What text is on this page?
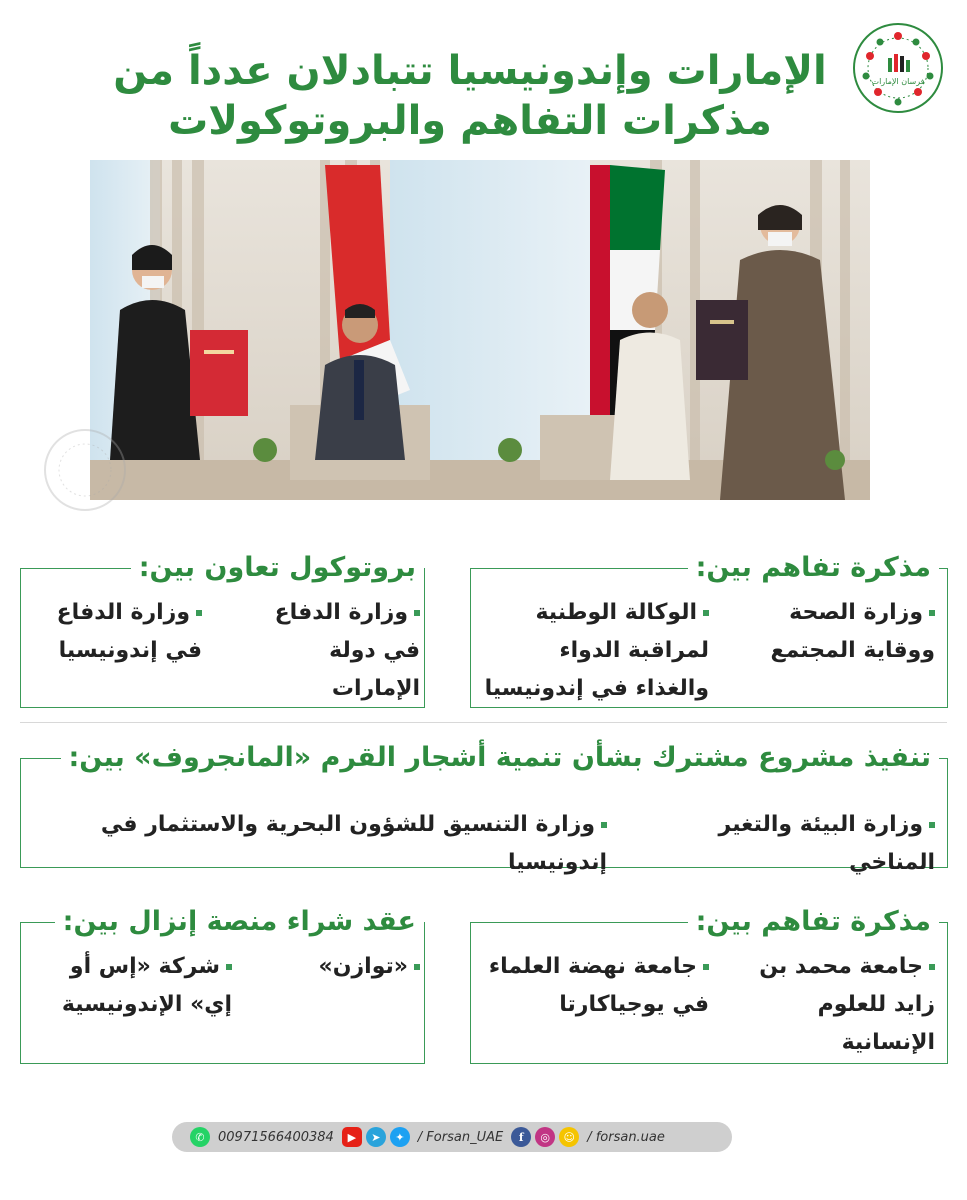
الإمارات وإندونيسيا تتبادلان عدداً من
مذكرات التفاهم والبروتوكولات
فرسان الإمارات
مذكرة تفاهم بين:
وزارة الصحة ووقاية المجتمع
الوكالة الوطنية لمراقبة الدواء والغذاء في إندونيسيا
بروتوكول تعاون بين:
وزارة الدفاع في دولة الإمارات
وزارة الدفاع في إندونيسيا
تنفيذ مشروع مشترك بشأن تنمية أشجار القرم «المانجروف» بين:
وزارة البيئة والتغير المناخي
وزارة التنسيق للشؤون البحرية والاستثمار في إندونيسيا
مذكرة تفاهم بين:
جامعة محمد بن زايد للعلوم الإنسانية
جامعة نهضة العلماء في يوجياكارتا
عقد شراء منصة إنزال بين:
«توازن»
شركة «إس أو إي» الإندونيسية
✆	00971566400384	▶	➤	✦	/ Forsan_UAE	f	◎	☺ / forsan.uae
